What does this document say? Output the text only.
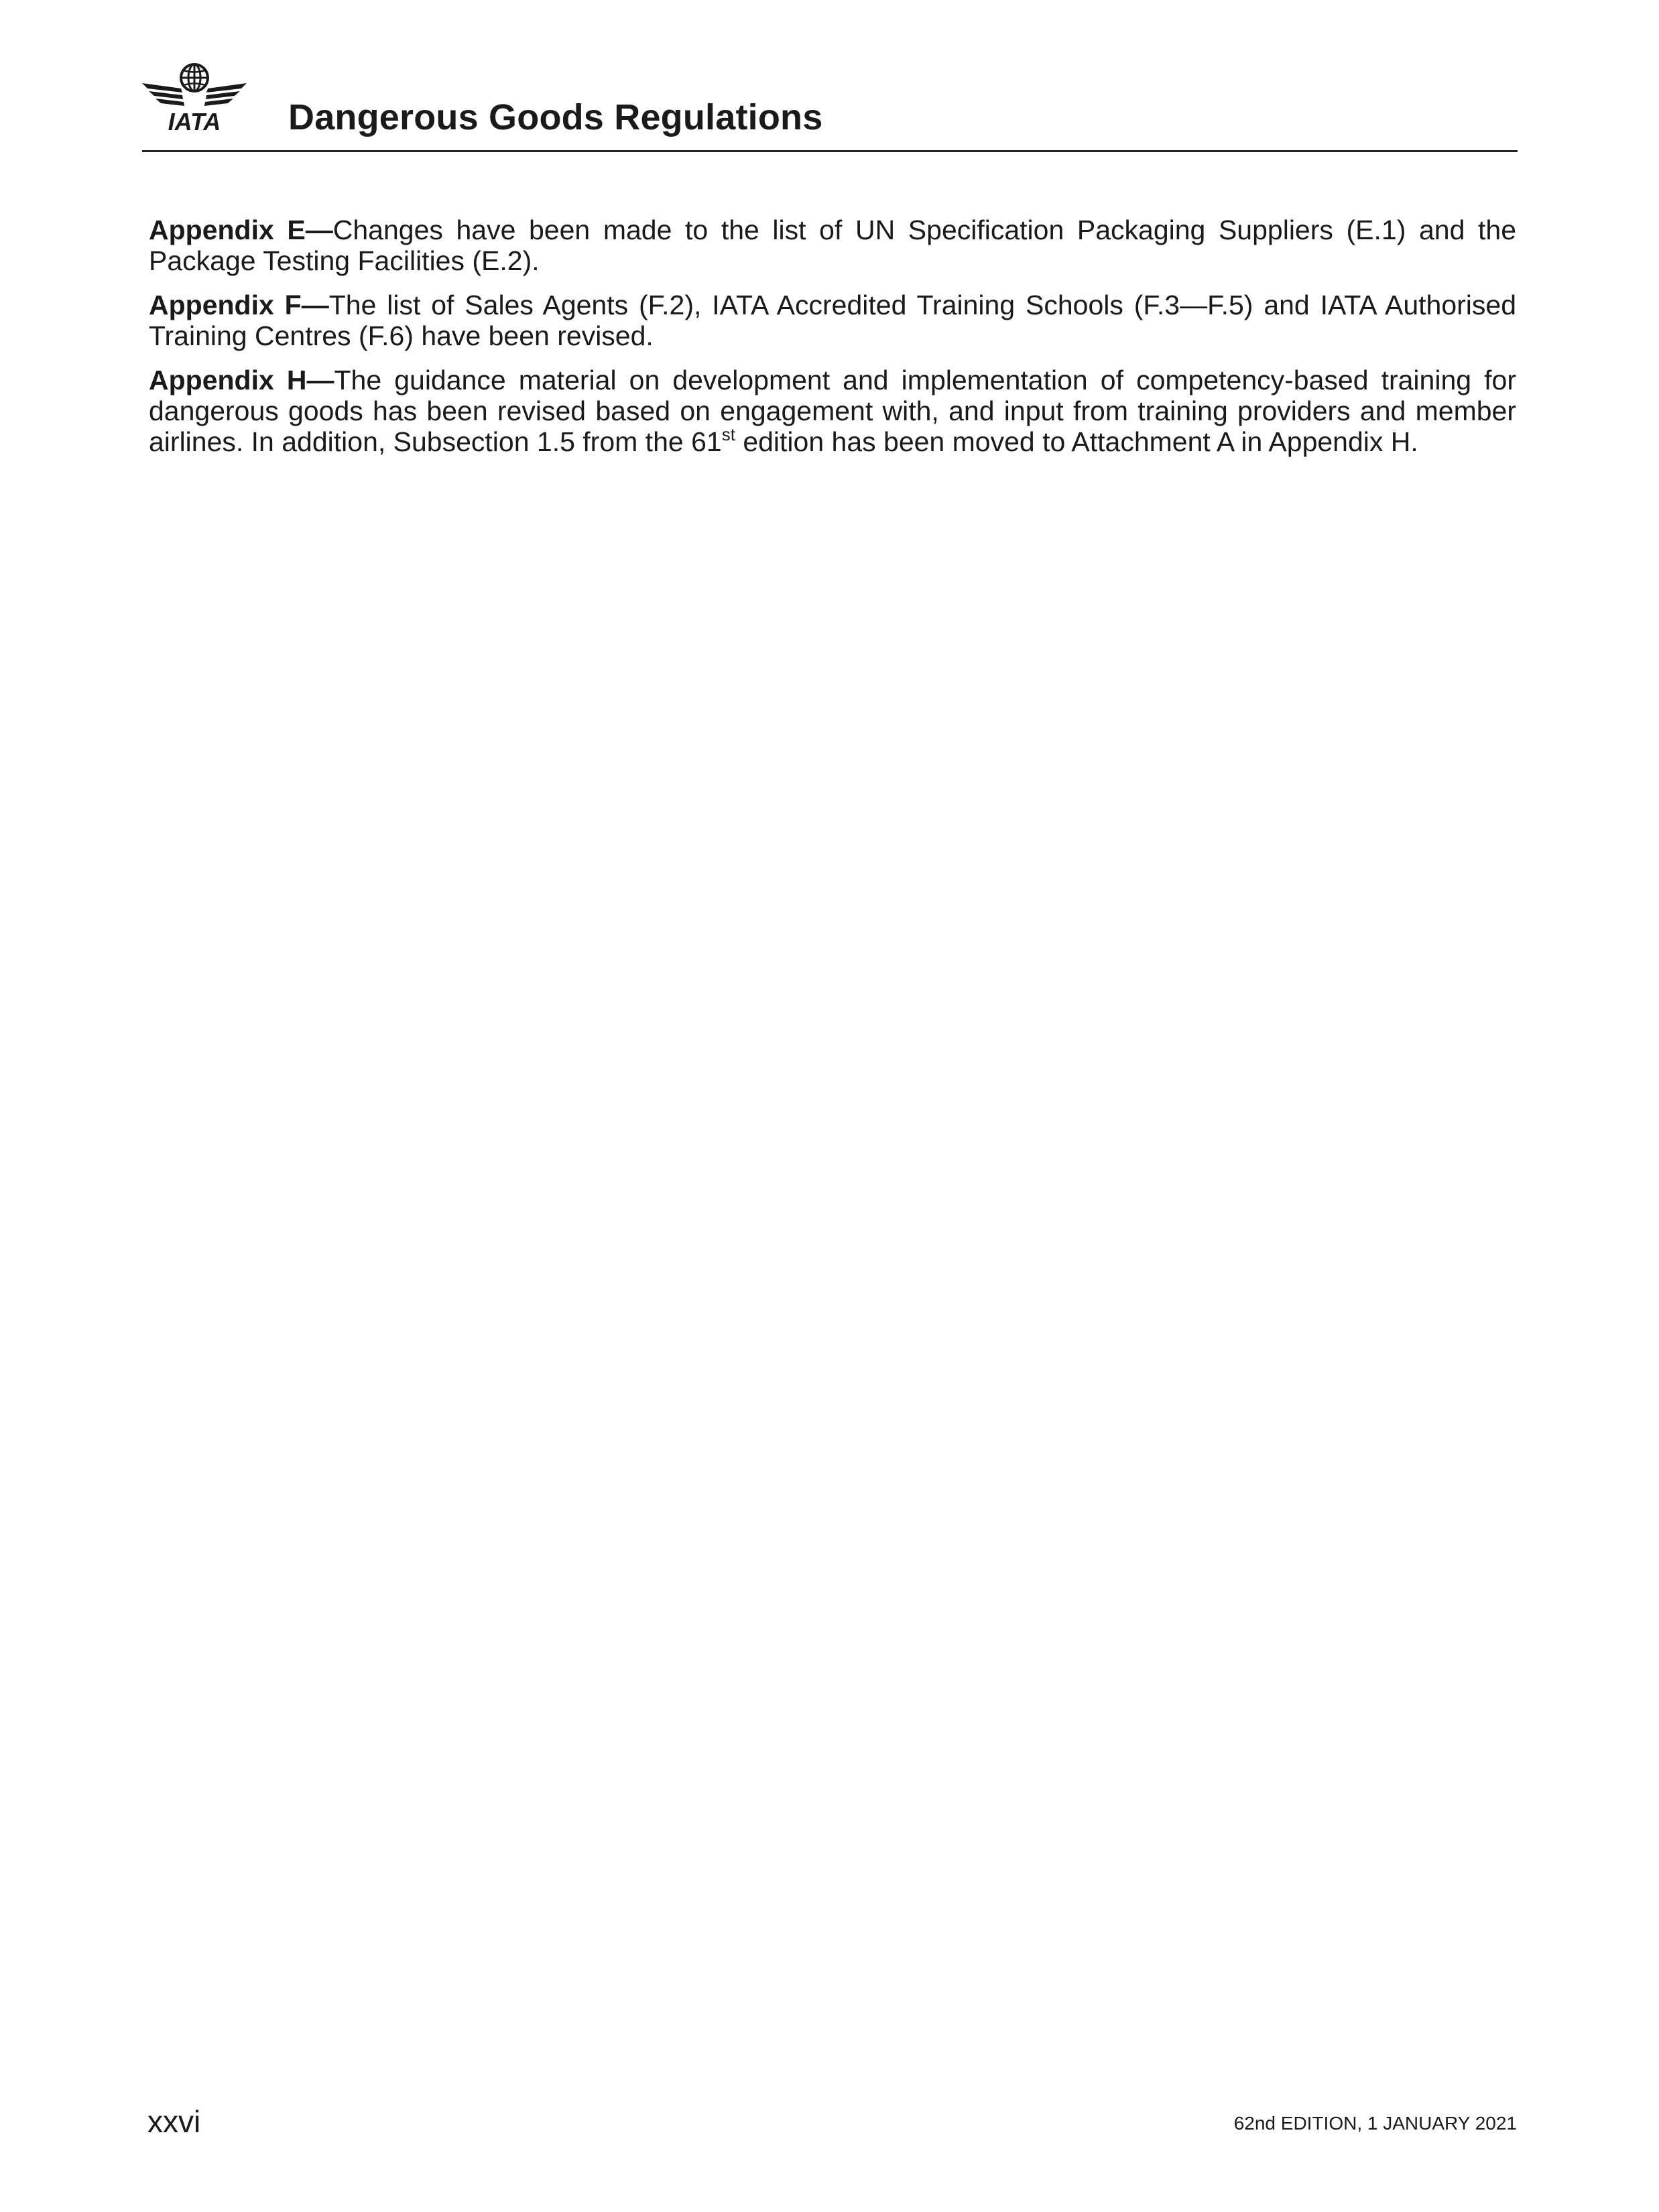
IATA Dangerous Goods Regulations

Appendix E—Changes have been made to the list of UN Specification Packaging Suppliers (E.1) and the Package Testing Facilities (E.2).

Appendix F—The list of Sales Agents (F.2), IATA Accredited Training Schools (F.3—F.5) and IATA Authorised Training Centres (F.6) have been revised.

Appendix H—The guidance material on development and implementation of competency-based training for dangerous goods has been revised based on engagement with, and input from training providers and member airlines. In addition, Subsection 1.5 from the 61st edition has been moved to Attachment A in Appendix H.

xxvi	62nd EDITION, 1 JANUARY 2021
